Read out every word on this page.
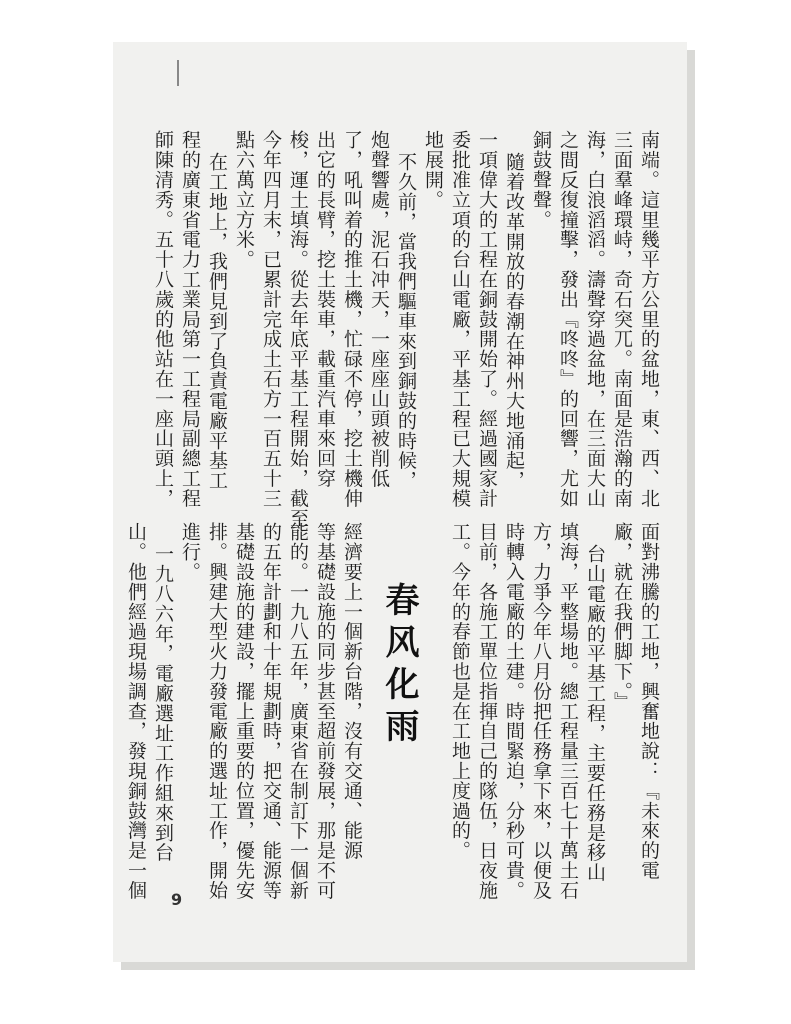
南端。這里幾平方公里的盆地，東、西、北
三面羣峰環峙，奇石突兀。南面是浩瀚的南
海，白浪滔滔。濤聲穿過盆地，在三面大山
之間反復撞擊，發出『咚咚』的回響，尤如
銅鼓聲聲。
隨着改革開放的春潮在神州大地涌起，
一項偉大的工程在銅鼓開始了。經過國家計
委批准立項的台山電廠，平基工程已大規模
地展開。
不久前，當我們驅車來到銅鼓的時候，
炮聲響處，泥石冲天，一座座山頭被削低
了，吼叫着的推土機，忙碌不停，挖土機伸
出它的長臂，挖土裝車，載重汽車來回穿
梭，運土填海。從去年底平基工程開始，截至
今年四月末，已累計完成土石方一百五十三
點六萬立方米。
在工地上，我們見到了負責電廠平基工
程的廣東省電力工業局第一工程局副總工程
師陳清秀。五十八歲的他站在一座山頭上，
面對沸騰的工地，興奮地說：『未來的電
廠，就在我們脚下。』
台山電廠的平基工程，主要任務是移山
填海，平整場地。總工程量三百七十萬土石
方，力爭今年八月份把任務拿下來，以便及
時轉入電廠的土建。時間緊迫，分秒可貴。
目前，各施工單位指揮自己的隊伍，日夜施
工。今年的春節也是在工地上度過的。
春风化雨
經濟要上一個新台階，沒有交通、能源
等基礎設施的同步甚至超前發展，那是不可
能的。一九八五年，廣東省在制訂下一個新
的五年計劃和十年規劃時，把交通、能源等
基礎設施的建設，擺上重要的位置，優先安
排。興建大型火力發電廠的選址工作，開始
進行。
一九八六年，電廠選址工作組來到台
山。他們經過現場調查，發現銅鼓灣是一個 9
